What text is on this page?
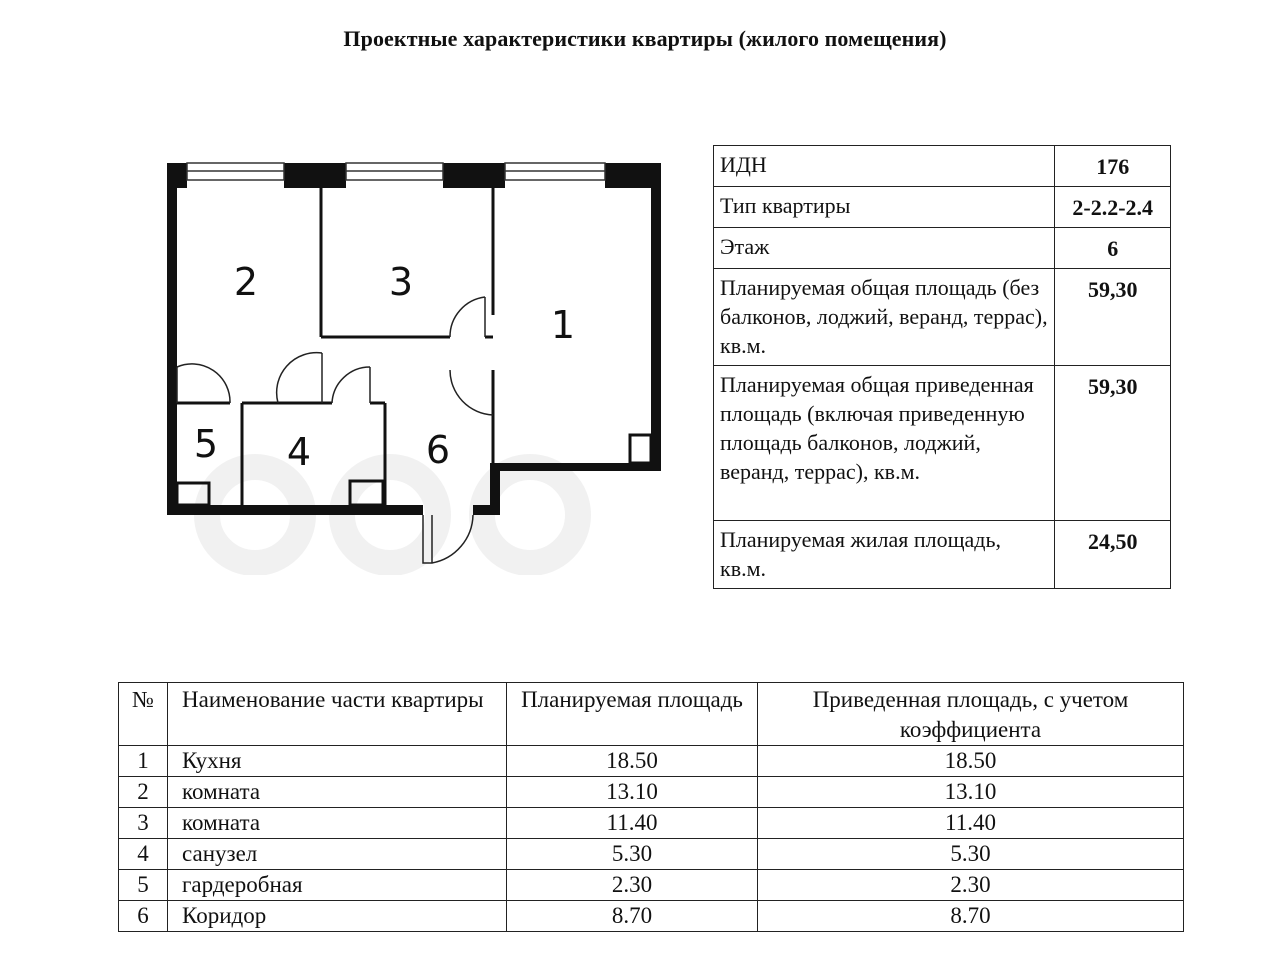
Проектные характеристики квартиры (жилого помещения)
1
2	3
4
5	6
ИДН	176
Тип квартиры	2-2.2-2.4
Этаж	6
Планируемая общая площадь (без балконов, лоджий, веранд, террас), кв.м.	59,30
Планируемая общая приведенная площадь (включая приведенную площадь балконов, лоджий, веранд, террас), кв.м.	59,30
Планируемая жилая площадь, кв.м.	24,50
№	Наименование части квартиры	Планируемая площадь	Приведенная площадь, с учетом коэффициента
1	Кухня	18.50	18.50
2	комната	13.10	13.10
3	комната	11.40	11.40
4	санузел	5.30	5.30
5	гардеробная	2.30	2.30
6	Коридор	8.70	8.70
